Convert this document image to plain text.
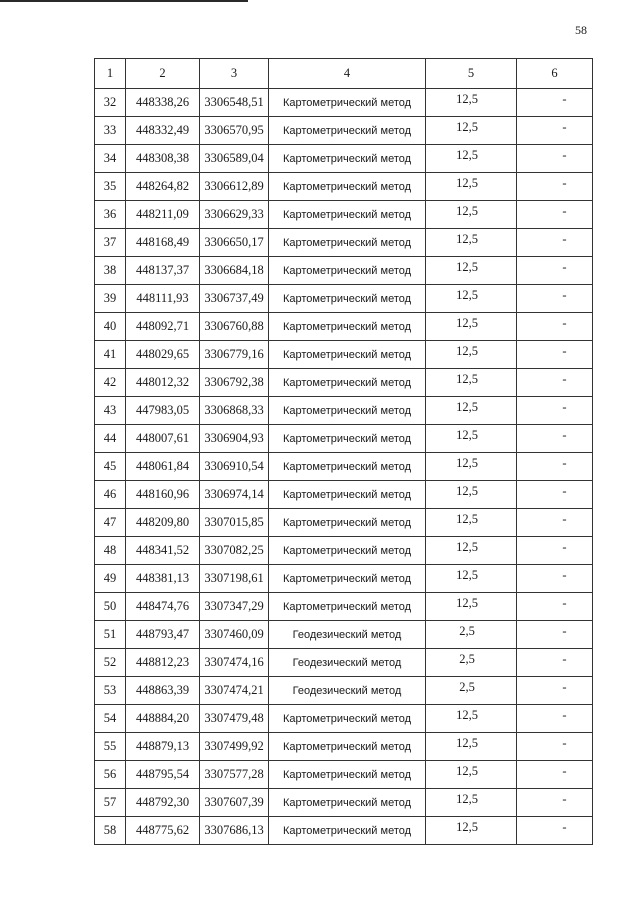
58
1	2	3	4	5	6
32	448338,26	3306548,51	Картометрический метод	12,5	-
33	448332,49	3306570,95	Картометрический метод	12,5	-
34	448308,38	3306589,04	Картометрический метод	12,5	-
35	448264,82	3306612,89	Картометрический метод	12,5	-
36	448211,09	3306629,33	Картометрический метод	12,5	-
37	448168,49	3306650,17	Картометрический метод	12,5	-
38	448137,37	3306684,18	Картометрический метод	12,5	-
39	448111,93	3306737,49	Картометрический метод	12,5	-
40	448092,71	3306760,88	Картометрический метод	12,5	-
41	448029,65	3306779,16	Картометрический метод	12,5	-
42	448012,32	3306792,38	Картометрический метод	12,5	-
43	447983,05	3306868,33	Картометрический метод	12,5	-
44	448007,61	3306904,93	Картометрический метод	12,5	-
45	448061,84	3306910,54	Картометрический метод	12,5	-
46	448160,96	3306974,14	Картометрический метод	12,5	-
47	448209,80	3307015,85	Картометрический метод	12,5	-
48	448341,52	3307082,25	Картометрический метод	12,5	-
49	448381,13	3307198,61	Картометрический метод	12,5	-
50	448474,76	3307347,29	Картометрический метод	12,5	-
51	448793,47	3307460,09	Геодезический метод	2,5	-
52	448812,23	3307474,16	Геодезический метод	2,5	-
53	448863,39	3307474,21	Геодезический метод	2,5	-
54	448884,20	3307479,48	Картометрический метод	12,5	-
55	448879,13	3307499,92	Картометрический метод	12,5	-
56	448795,54	3307577,28	Картометрический метод	12,5	-
57	448792,30	3307607,39	Картометрический метод	12,5	-
58	448775,62	3307686,13	Картометрический метод	12,5	-
